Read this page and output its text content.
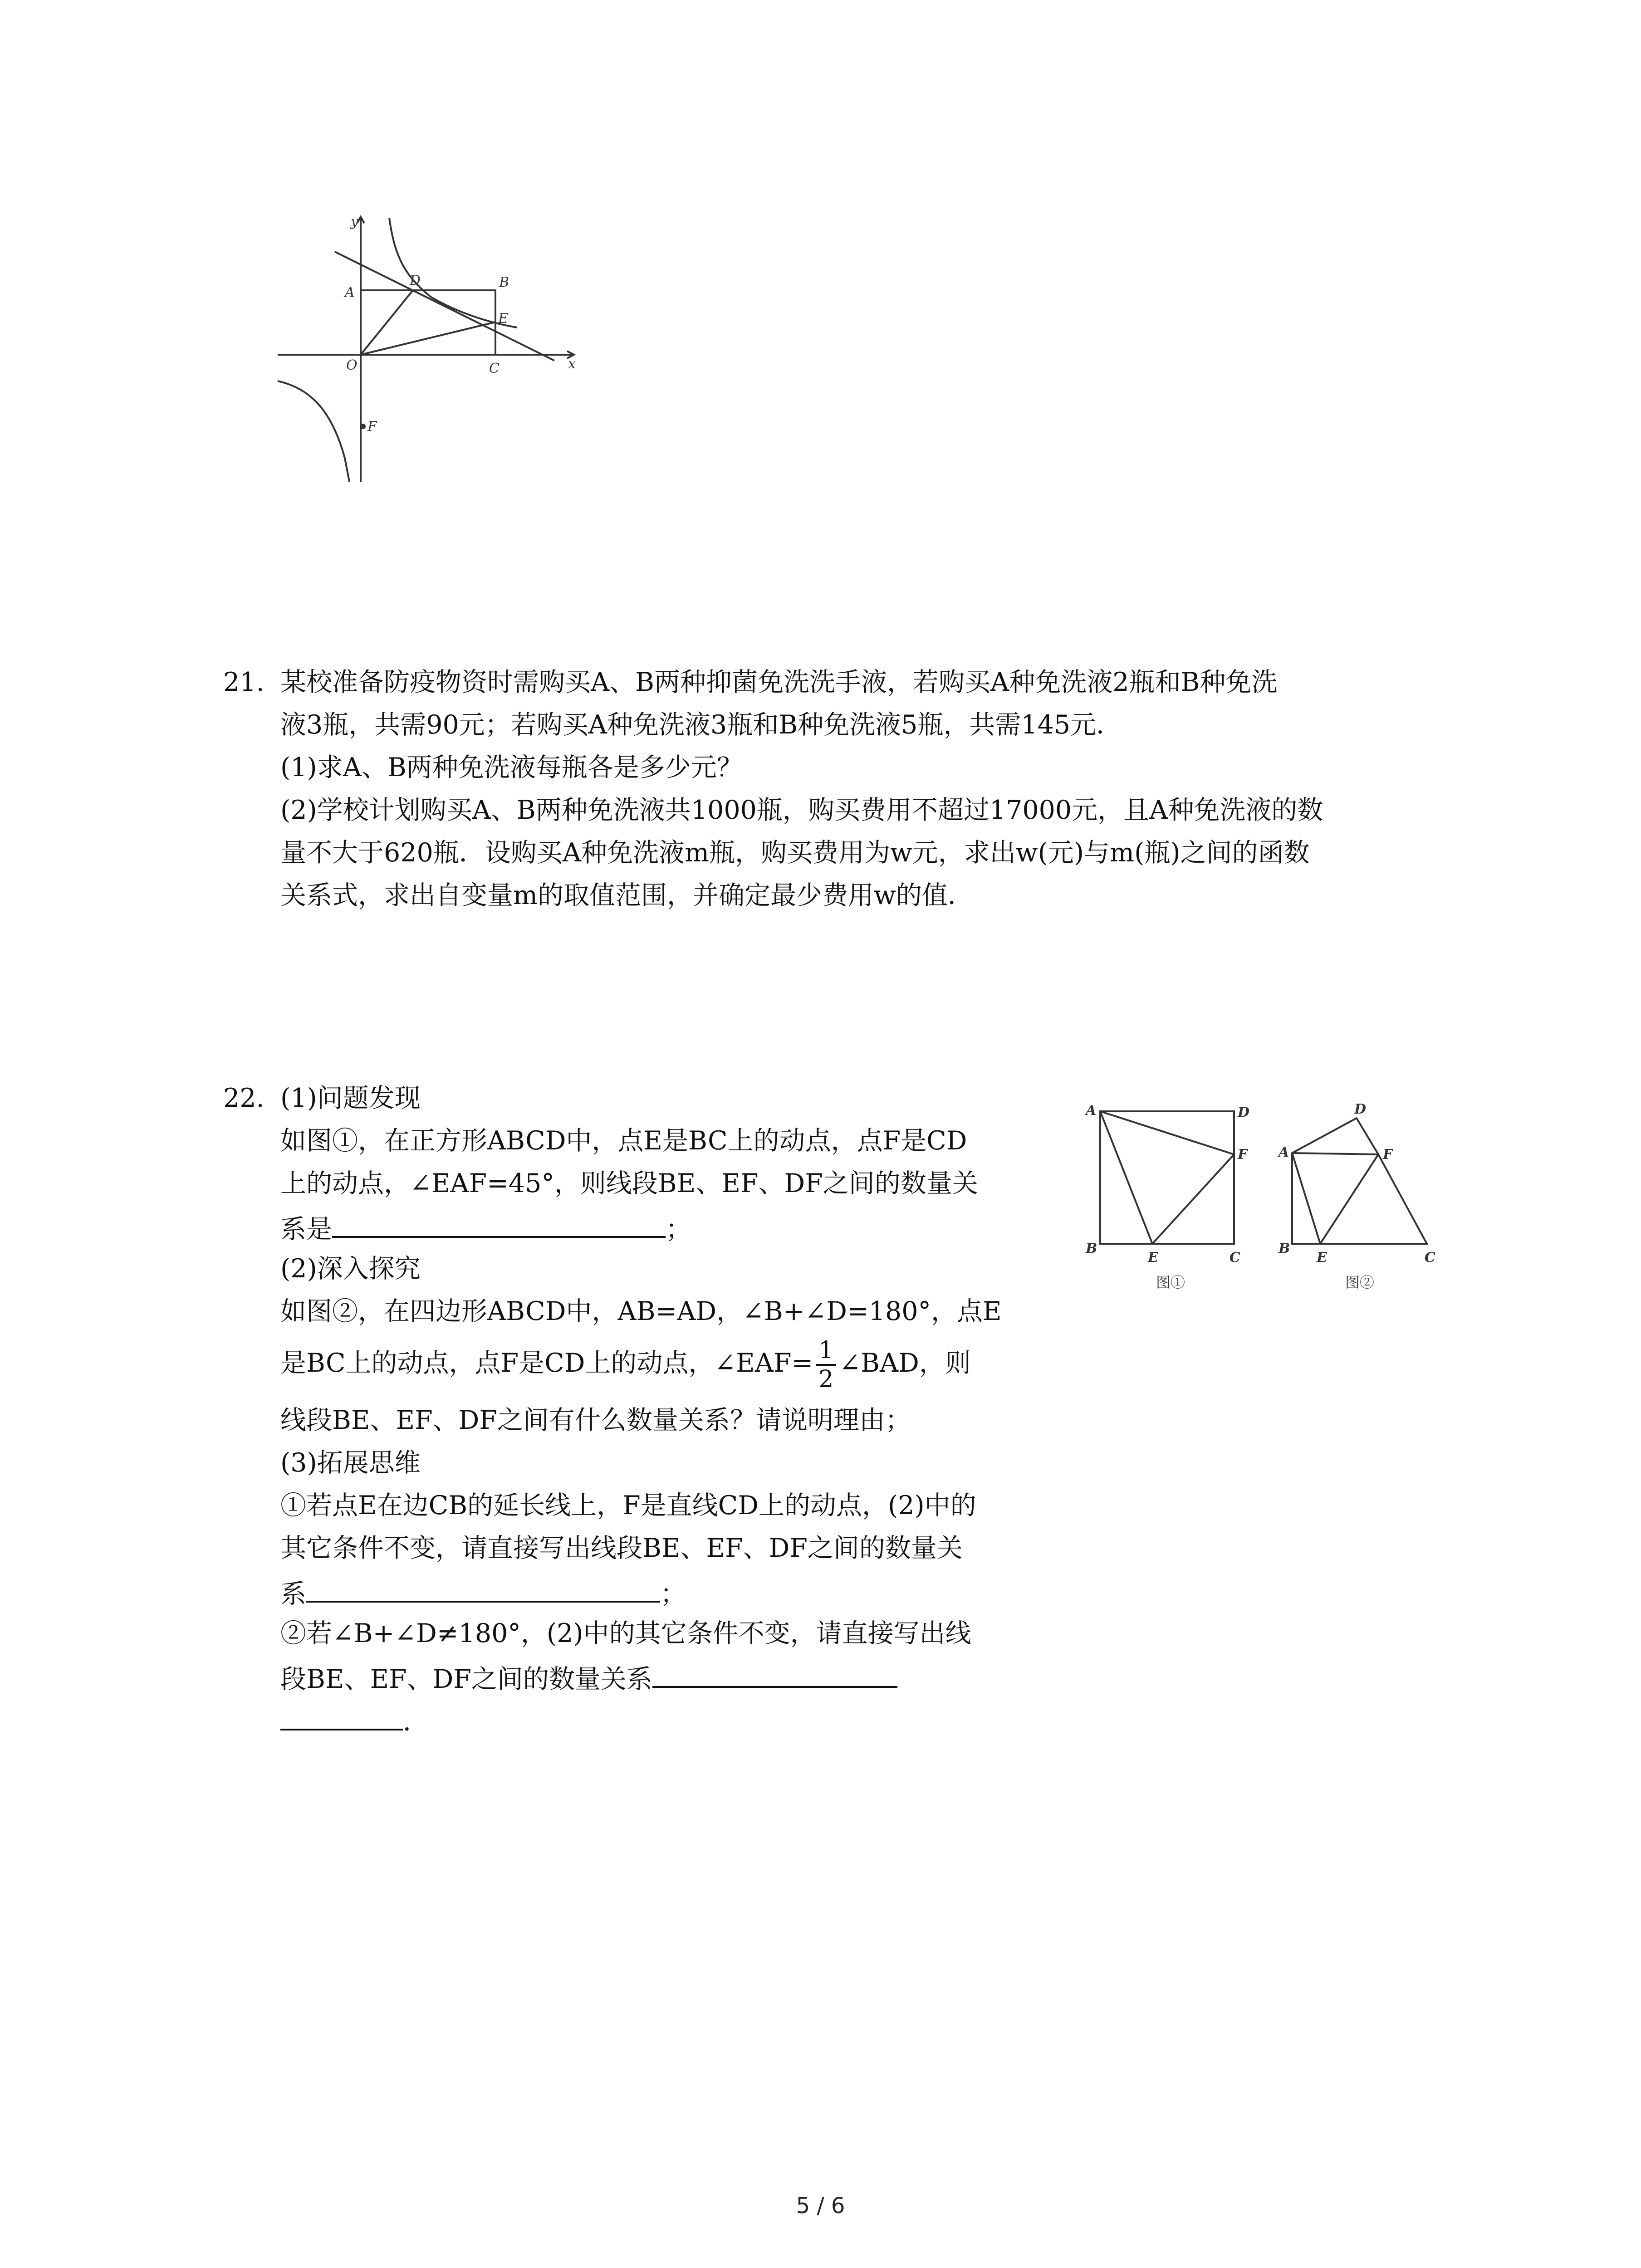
y
x
A
B
D
E
O	C
F
21. 某校准备防疫物资时需购买A、B两种抑菌免洗洗手液，若购买A种免洗液2瓶和B种免洗
液3瓶，共需90元；若购买A种免洗液3瓶和B种免洗液5瓶，共需145元．
(1)求A、B两种免洗液每瓶各是多少元？
(2)学校计划购买A、B两种免洗液共1000瓶，购买费用不超过17000元，且A种免洗液的数
量不大于620瓶．设购买A种免洗液m瓶，购买费用为w元，求出w(元)与m(瓶)之间的函数
关系式，求出自变量m的取值范围，并确定最少费用w的值．
22. (1)问题发现
如图①，在正方形ABCD中，点E是BC上的动点，点F是CD
上的动点，∠EAF=45°，则线段BE、EF、DF之间的数量关
系是	；
(2)深入探究
如图②，在四边形ABCD中，AB=AD，∠B+∠D=180°，点E
是BC上的动点，点F是CD上的动点，∠EAF= $\frac{1}{2}$ ∠BAD，则
线段BE、EF、DF之间有什么数量关系？请说明理由；
(3)拓展思维
①若点E在边CB的延长线上，F是直线CD上的动点，(2)中的
其它条件不变，请直接写出线段BE、EF、DF之间的数量关
系	；
②若∠B+∠D≠180°，(2)中的其它条件不变，请直接写出线
段BE、EF、DF之间的数量关系
．
A	D
F
B
E	C
图①
D
A	F
B
E	C
图②
5 / 6
